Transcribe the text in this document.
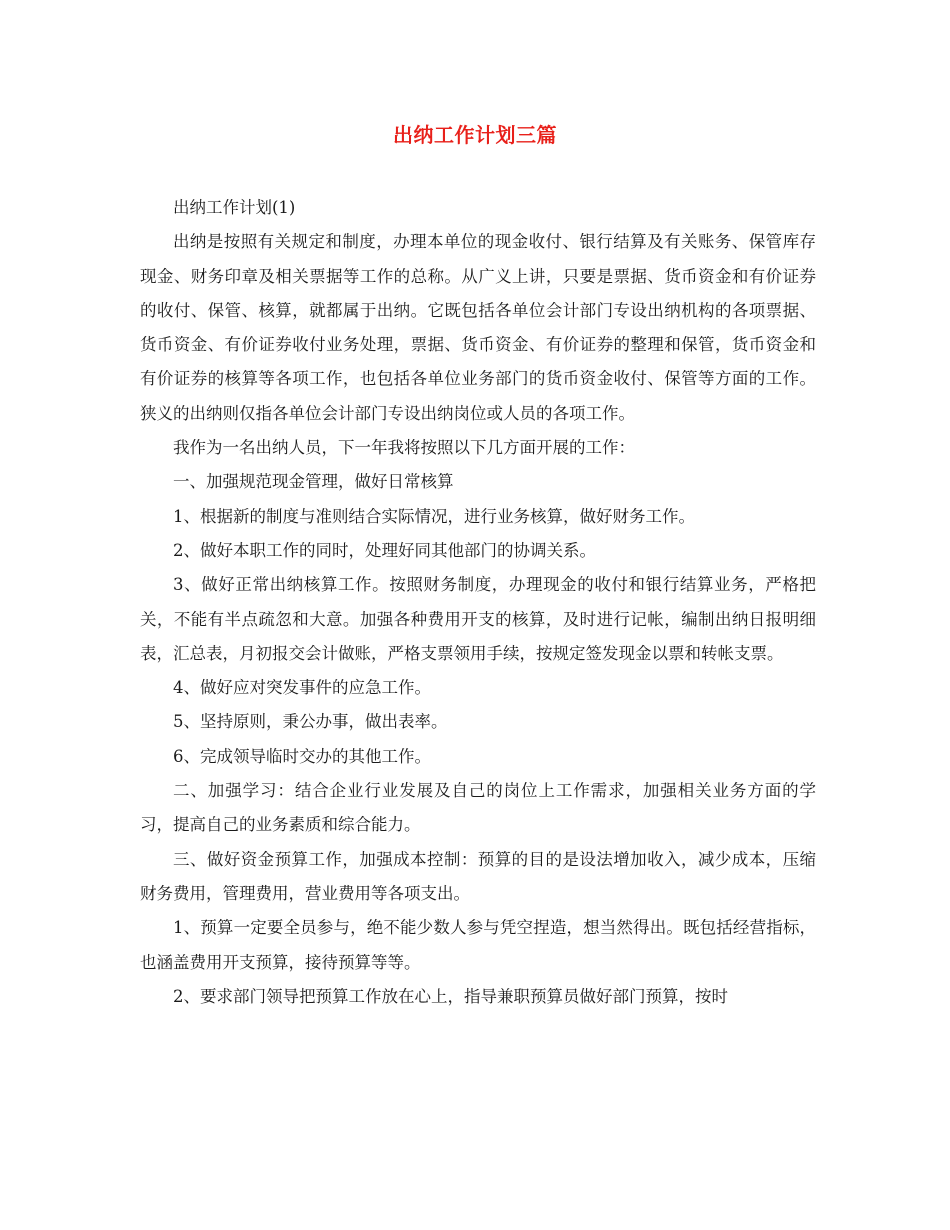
出纳工作计划三篇

出纳工作计划(1)

出纳是按照有关规定和制度，办理本单位的现金收付、银行结算及有关账务、保管库存现金、财务印章及相关票据等工作的总称。从广义上讲，只要是票据、货币资金和有价证券的收付、保管、核算，就都属于出纳。它既包括各单位会计部门专设出纳机构的各项票据、货币资金、有价证券收付业务处理，票据、货币资金、有价证券的整理和保管，货币资金和有价证券的核算等各项工作，也包括各单位业务部门的货币资金收付、保管等方面的工作。狭义的出纳则仅指各单位会计部门专设出纳岗位或人员的各项工作。

我作为一名出纳人员，下一年我将按照以下几方面开展的工作：

一、加强规范现金管理，做好日常核算

1、根据新的制度与准则结合实际情况，进行业务核算，做好财务工作。

2、做好本职工作的同时，处理好同其他部门的协调关系。

3、做好正常出纳核算工作。按照财务制度，办理现金的收付和银行结算业务，严格把关，不能有半点疏忽和大意。加强各种费用开支的核算，及时进行记帐，编制出纳日报明细表，汇总表，月初报交会计做账，严格支票领用手续，按规定签发现金以票和转帐支票。

4、做好应对突发事件的应急工作。

5、坚持原则，秉公办事，做出表率。

6、完成领导临时交办的其他工作。

二、加强学习：结合企业行业发展及自己的岗位上工作需求，加强相关业务方面的学习，提高自己的业务素质和综合能力。

三、做好资金预算工作，加强成本控制：预算的目的是设法增加收入，减少成本，压缩财务费用，管理费用，营业费用等各项支出。

1、预算一定要全员参与，绝不能少数人参与凭空捏造，想当然得出。既包括经营指标，也涵盖费用开支预算，接待预算等等。

2、要求部门领导把预算工作放在心上，指导兼职预算员做好部门预算，按时
